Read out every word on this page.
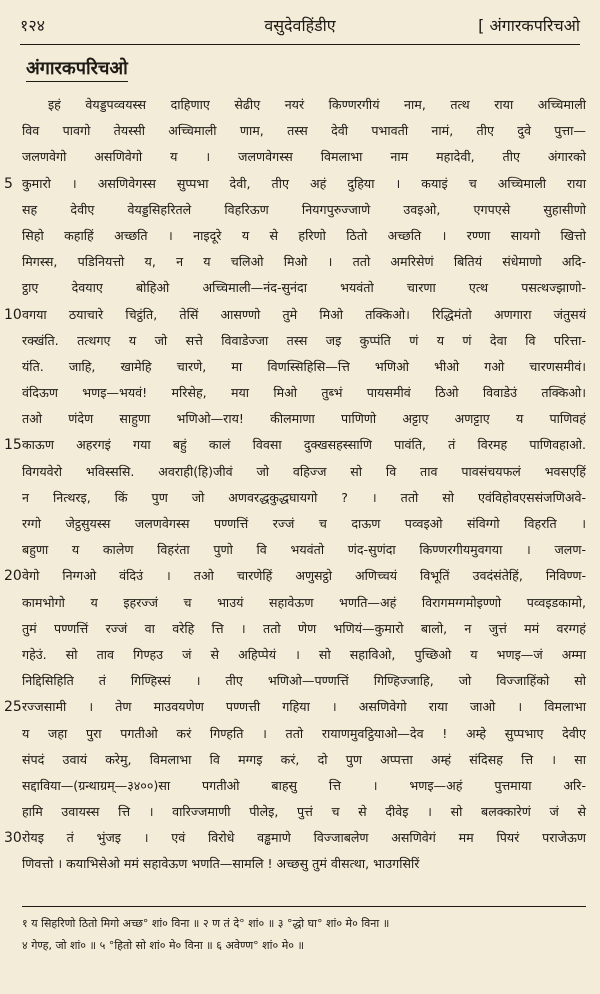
१२४	वसुदेवहिंडीए	[ अंगारकपरिचओ
अंगारकपरिचओ
इहं वेयड्डपव्वयस्स दाहिणाए सेढीए नयरं किण्णरगीयं नाम, तत्थ राया अच्चिमाली
विव पावगो तेयस्सी अच्चिमाली णाम, तस्स देवी पभावती नामं, तीए दुवे पुत्ता—
जलणवेगो असणिवेगो य । जलणवेगस्स विमलाभा नाम महादेवी, तीए अंगारको
कुमारो । असणिवेगस्स सुप्पभा देवी, तीए अहं दुहिया । कयाइं च अच्चिमाली राया
5
सह देवीए वेयड्डसिहरितले विहरिऊण नियगपुरुज्जाणे उवइओ, एगपएसे सुहासीणो
सिहो कहाहिं अच्छति । नाइदूरे य से हरिणो ठितो अच्छति । रण्णा सायगो खित्तो
मिगस्स, पडिनियत्तो य, न य चलिओ मिओ । ततो अमरिसेणं बितियं संधेमाणो अदि-
ट्ठाए देवयाए बोहिओ अच्चिमाली—नंद-सुनंदा भयवंतो चारणा एत्थ पसत्थज्झाणो-
वगया ठयाचारे चिट्ठंति, तेसिं आसण्णो तुमे मिओ तक्किओ। रिद्धिमंतो अणगारा जंतुसयं
10
रक्खंति. तत्थगए य जो सत्ते विवाडेज्जा तस्स जइ कुप्पंति णं य णं देवा वि परित्ता-
यंति. जाहि, खामेहि चारणे, मा विणस्सिहिसि—त्ति भणिओ भीओ गओ चारणसमीवं।
वंदिऊण भणइ—भयवं! मरिसेह, मया मिओ तुब्भं पायसमीवं ठिओ विवाडेउं तक्किओ।
तओ णंदेण साहुणा भणिओ—राय! कीलमाणा पाणिणो अट्टाए अणट्टाए य पाणिवहं
काऊण अहरगइं गया बहुं कालं विवसा दुक्खसहस्साणि पावंति, तं विरमह पाणिवहाओ.
15
विगयवेरो भविस्ससि. अवराही(हि)जीवं जो वहिज्ज सो वि ताव पावसंचयफलं भवसएहिं
न नित्थरइ, किं पुण जो अणवरद्धकुद्धघायगो ? । ततो सो एवंविहोवएससंजणिअवे-
रग्गो जेट्ठसुयस्स जलणवेगस्स पण्णत्तिं रज्जं च दाऊण पव्वइओ संविग्गो विहरति ।
बहुणा य कालेण विहरंता पुणो वि भयवंतो णंद-सुणंदा किण्णरगीयमुवगया । जलण-
वेगो निग्गओ वंदिउं । तओ चारणेहिं अणुसट्ठो अणिच्चयं विभूतिं उवदंसंतेहिं, निविण्ण-
20
कामभोगो य इहरज्जं च भाउयं सहावेऊण भणति—अहं विरागमग्गमोइण्णो पव्वइडकामो,
तुमं पण्णत्तिं रज्जं वा वरेहि त्ति । ततो णेण भणियं—कुमारो बालो, न जुत्तं ममं वरग्गहं
गहेउं. सो ताव गिण्हउ जं से अहिप्पेयं । सो सहाविओ, पुच्छिओ य भणइ—जं अम्मा
निद्दिसिहिति तं गिण्हिस्सं । तीए भणिओ—पण्णत्तिं गिण्हिज्जाहि, जो विज्जाहिंको सो
रज्जसामी । तेण माउवयणेण पण्णत्ती गहिया । असणिवेगो राया जाओ । विमलाभा
25
य जहा पुरा पगतीओ करं गिण्हति । ततो रायाणमुवट्ठियाओ—देव ! अम्हे सुप्पभाए देवीए
संपदं उवायं करेमु, विमलाभा वि मग्गइ करं, दो पुण अप्पत्ता अम्हं संदिसह त्ति । सा
सद्दाविया—(ग्रन्थाग्रम्—३४००)सा पगतीओ बाहसु त्ति । भणइ—अहं पुत्तमाया अरि-
हामि उवायस्स त्ति । वारिज्जमाणी पीलेइ, पुत्तं च से दीवेइ । सो बलक्कारेणं जं से
रोयइ तं भुंजइ । एवं विरोधे वड्ढमाणे विज्जाबलेण असणिवेगं मम पियरं पराजेऊण
30
णिवत्तो । कयाभिसेओ ममं सहावेऊण भणति—सामलि ! अच्छसु तुमं वीसत्था, भाउगसिरिं
१ य सिहरिणो ठितो मिगो अच्छ° शां० विना ॥ २ ण तं दे° शां० ॥ ३ °द्धो घा° शां० मे० विना ॥
४ गेण्ह, जो शां० ॥ ५ °हितो सो शां० मे० विना ॥ ६ अवेण्ण° शां० मे० ॥
